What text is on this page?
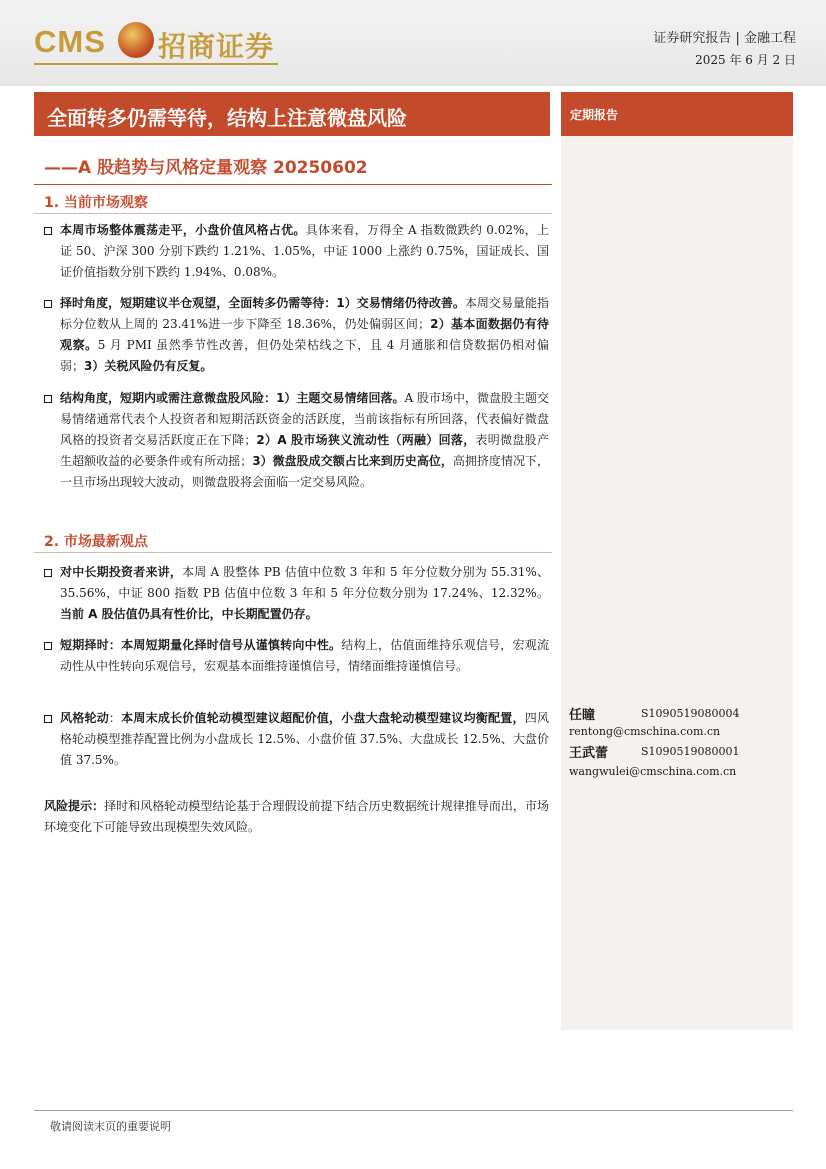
CMS 招商证券	证券研究报告 | 金融工程
2025 年 6 月 2 日
全面转多仍需等待，结构上注意微盘风险
——A 股趋势与风格定量观察 20250602
定期报告
1. 当前市场观察
本周市场整体震荡走平，小盘价值风格占优。具体来看，万得全 A 指数微跌约 0.02%，上证 50、沪深 300 分别下跌约 1.21%、1.05%，中证 1000 上涨约 0.75%，国证成长、国证价值指数分别下跌约 1.94%、0.08%。
择时角度，短期建议半仓观望，全面转多仍需等待：1）交易情绪仍待改善。本周交易量能指标分位数从上周的 23.41%进一步下降至 18.36%，仍处偏弱区间；2）基本面数据仍有待观察。5 月 PMI 虽然季节性改善，但仍处荣枯线之下，且 4 月通胀和信贷数据仍相对偏弱；3）关税风险仍有反复。
结构角度，短期内或需注意微盘股风险：1）主题交易情绪回落。A 股市场中，微盘股主题交易情绪通常代表个人投资者和短期活跃资金的活跃度，当前该指标有所回落，代表偏好微盘风格的投资者交易活跃度正在下降；2）A 股市场狭义流动性（两融）回落，表明微盘股产生超额收益的必要条件或有所动摇；3）微盘股成交额占比来到历史高位，高拥挤度情况下，一旦市场出现较大波动，则微盘股将会面临一定交易风险。
2. 市场最新观点
对中长期投资者来讲，本周 A 股整体 PB 估值中位数 3 年和 5 年分位数分别为 55.31%、35.56%，中证 800 指数 PB 估值中位数 3 年和 5 年分位数分别为 17.24%、12.32%。当前 A 股估值仍具有性价比，中长期配置仍存。
短期择时：本周短期量化择时信号从谨慎转向中性。结构上，估值面维持乐观信号，宏观流动性从中性转向乐观信号，宏观基本面维持谨慎信号，情绪面维持谨慎信号。
风格轮动：本周末成长价值轮动模型建议超配价值，小盘大盘轮动模型建议均衡配置，四风格轮动模型推荐配置比例为小盘成长 12.5%、小盘价值 37.5%、大盘成长 12.5%、大盘价值 37.5%。
风险提示：择时和风格轮动模型结论基于合理假设前提下结合历史数据统计规律推导而出，市场环境变化下可能导致出现模型失效风险。
任瞳	S1090519080004
rentong@cmschina.com.cn
王武蕾	S1090519080001
wangwulei@cmschina.com.cn
敬请阅读末页的重要说明
